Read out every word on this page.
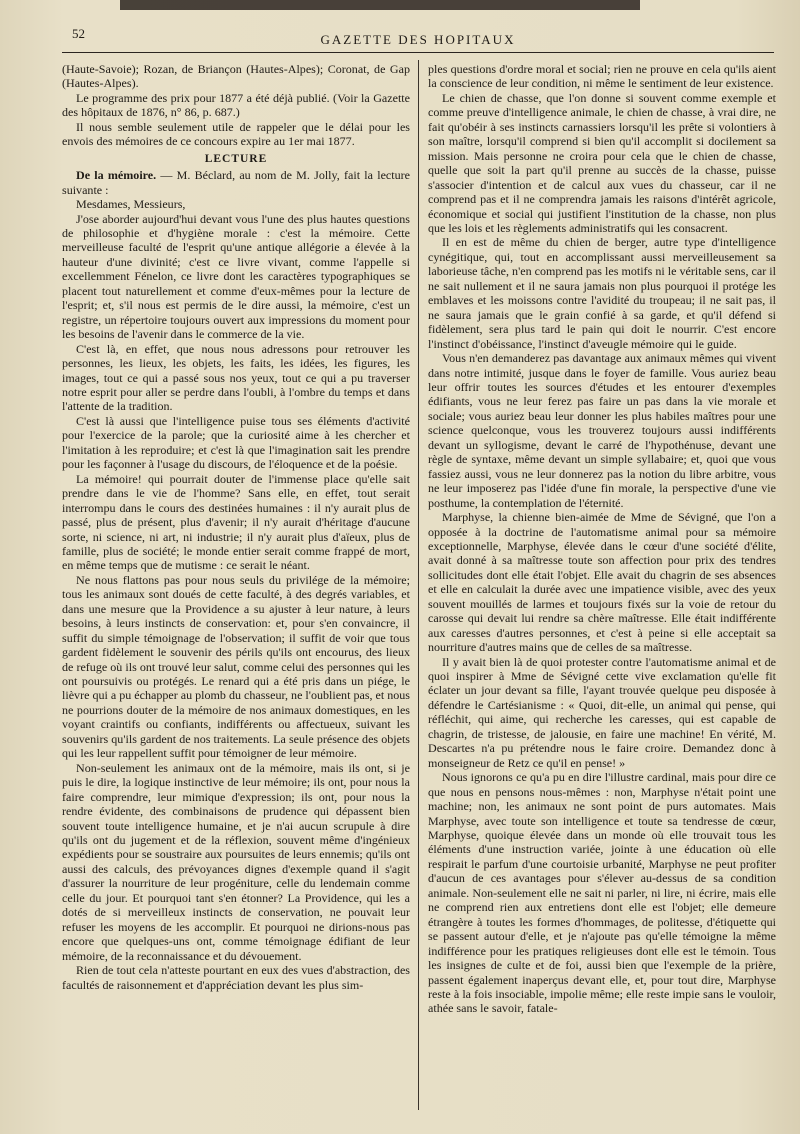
52	GAZETTE DES HOPITAUX

(Haute-Savoie); Rozan, de Briançon (Hautes-Alpes); Coronat, de Gap (Hautes-Alpes).

Le programme des prix pour 1877 a été déjà publié. (Voir la Gazette des hôpitaux de 1876, n° 86, p. 687.)

Il nous semble seulement utile de rappeler que le délai pour les envois des mémoires de ce concours expire au 1er mai 1877.

LECTURE

De la mémoire. — M. Béclard, au nom de M. Jolly, fait la lecture suivante :

Mesdames, Messieurs,

J'ose aborder aujourd'hui devant vous l'une des plus hautes questions de philosophie et d'hygiène morale : c'est la mémoire. Cette merveilleuse faculté de l'esprit qu'une antique allégorie a élevée à la hauteur d'une divinité; c'est ce livre vivant, comme l'appelle si excellemment Fénelon, ce livre dont les caractères typographiques se placent tout naturellement et comme d'eux-mêmes pour la lecture de l'esprit; et, s'il nous est permis de le dire aussi, la mémoire, c'est un registre, un répertoire toujours ouvert aux impressions du moment pour les besoins de l'avenir dans le commerce de la vie.

C'est là, en effet, que nous nous adressons pour retrouver les personnes, les lieux, les objets, les faits, les idées, les figures, les images, tout ce qui a passé sous nos yeux, tout ce qui a pu traverser notre esprit pour aller se perdre dans l'oubli, à l'ombre du temps et dans l'attente de la tradition.

C'est là aussi que l'intelligence puise tous ses éléments d'activité pour l'exercice de la parole; que la curiosité aime à les chercher et l'imitation à les reproduire; et c'est là que l'imagination sait les prendre pour les façonner à l'usage du discours, de l'éloquence et de la poésie.

La mémoire! qui pourrait douter de l'immense place qu'elle sait prendre dans le vie de l'homme? Sans elle, en effet, tout serait interrompu dans le cours des destinées humaines : il n'y aurait plus de passé, plus de présent, plus d'avenir; il n'y aurait d'héritage d'aucune sorte, ni science, ni art, ni industrie; il n'y aurait plus d'aïeux, plus de famille, plus de société; le monde entier serait comme frappé de mort, en même temps que de mutisme : ce serait le néant.

Ne nous flattons pas pour nous seuls du privilége de la mémoire; tous les animaux sont doués de cette faculté, à des degrés variables, et dans une mesure que la Providence a su ajuster à leur nature, à leurs besoins, à leurs instincts de conservation: et, pour s'en convaincre, il suffit du simple témoignage de l'observation; il suffit de voir que tous gardent fidèlement le souvenir des périls qu'ils ont encourus, des lieux de refuge où ils ont trouvé leur salut, comme celui des personnes qui les ont poursuivis ou protégés. Le renard qui a été pris dans un piége, le lièvre qui a pu échapper au plomb du chasseur, ne l'oublient pas, et nous ne pourrions douter de la mémoire de nos animaux domestiques, en les voyant craintifs ou confiants, indifférents ou affectueux, suivant les souvenirs qu'ils gardent de nos traitements. La seule présence des objets qui les leur rappellent suffit pour témoigner de leur mémoire.

Non-seulement les animaux ont de la mémoire, mais ils ont, si je puis le dire, la logique instinctive de leur mémoire; ils ont, pour nous la faire comprendre, leur mimique d'expression; ils ont, pour nous la rendre évidente, des combinaisons de prudence qui dépassent bien souvent toute intelligence humaine, et je n'ai aucun scrupule à dire qu'ils ont du jugement et de la réflexion, souvent même d'ingénieux expédients pour se soustraire aux poursuites de leurs ennemis; qu'ils ont aussi des calculs, des prévoyances dignes d'exemple quand il s'agit d'assurer la nourriture de leur progéniture, celle du lendemain comme celle du jour. Et pourquoi tant s'en étonner? La Providence, qui les a dotés de si merveilleux instincts de conservation, ne pouvait leur refuser les moyens de les accomplir. Et pourquoi ne dirions-nous pas encore que quelques-uns ont, comme témoignage édifiant de leur mémoire, de la reconnaissance et du dévouement.

Rien de tout cela n'atteste pourtant en eux des vues d'abstraction, des facultés de raisonnement et d'appréciation devant les plus sim-

ples questions d'ordre moral et social; rien ne prouve en cela qu'ils aient la conscience de leur condition, ni même le sentiment de leur existence.

Le chien de chasse, que l'on donne si souvent comme exemple et comme preuve d'intelligence animale, le chien de chasse, à vrai dire, ne fait qu'obéir à ses instincts carnassiers lorsqu'il les prête si volontiers à son maître, lorsqu'il comprend si bien qu'il accomplit si docilement sa mission. Mais personne ne croira pour cela que le chien de chasse, quelle que soit la part qu'il prenne au succès de la chasse, puisse s'associer d'intention et de calcul aux vues du chasseur, car il ne comprend pas et il ne comprendra jamais les raisons d'intérêt agricole, économique et social qui justifient l'institution de la chasse, non plus que les lois et les règlements administratifs qui les consacrent.

Il en est de même du chien de berger, autre type d'intelligence cynégitique, qui, tout en accomplissant aussi merveilleusement sa laborieuse tâche, n'en comprend pas les motifs ni le véritable sens, car il ne sait nullement et il ne saura jamais non plus pourquoi il protége les emblaves et les moissons contre l'avidité du troupeau; il ne sait pas, il ne saura jamais que le grain confié à sa garde, et qu'il défend si fidèlement, sera plus tard le pain qui doit le nourrir. C'est encore l'instinct d'obéissance, l'instinct d'aveugle mémoire qui le guide.

Vous n'en demanderez pas davantage aux animaux mêmes qui vivent dans notre intimité, jusque dans le foyer de famille. Vous auriez beau leur offrir toutes les sources d'études et les entourer d'exemples édifiants, vous ne leur ferez pas faire un pas dans la vie morale et sociale; vous auriez beau leur donner les plus habiles maîtres pour une science quelconque, vous les trouverez toujours aussi indifférents devant un syllogisme, devant le carré de l'hypothénuse, devant une règle de syntaxe, même devant un simple syllabaire; et, quoi que vous fassiez aussi, vous ne leur donnerez pas la notion du libre arbitre, vous ne leur imposerez pas l'idée d'une fin morale, la perspective d'une vie posthume, la contemplation de l'éternité.

Marphyse, la chienne bien-aimée de Mme de Sévigné, que l'on a opposée à la doctrine de l'automatisme animal pour sa mémoire exceptionnelle, Marphyse, élevée dans le cœur d'une société d'élite, avait donné à sa maîtresse toute son affection pour prix des tendres sollicitudes dont elle était l'objet. Elle avait du chagrin de ses absences et elle en calculait la durée avec une impatience visible, avec des yeux souvent mouillés de larmes et toujours fixés sur la voie de retour du carosse qui devait lui rendre sa chère maîtresse. Elle était indifférente aux caresses d'autres personnes, et c'est à peine si elle acceptait sa nourriture d'autres mains que de celles de sa maîtresse.

Il y avait bien là de quoi protester contre l'automatisme animal et de quoi inspirer à Mme de Sévigné cette vive exclamation qu'elle fit éclater un jour devant sa fille, l'ayant trouvée quelque peu disposée à défendre le Cartésianisme : « Quoi, dit-elle, un animal qui pense, qui réfléchit, qui aime, qui recherche les caresses, qui est capable de chagrin, de tristesse, de jalousie, en faire une machine! En vérité, M. Descartes n'a pu prétendre nous le faire croire. Demandez donc à monseigneur de Retz ce qu'il en pense! »

Nous ignorons ce qu'a pu en dire l'illustre cardinal, mais pour dire ce que nous en pensons nous-mêmes : non, Marphyse n'était point une machine; non, les animaux ne sont point de purs automates. Mais Marphyse, avec toute son intelligence et toute sa tendresse de cœur, Marphyse, quoique élevée dans un monde où elle trouvait tous les éléments d'une instruction variée, jointe à une éducation où elle respirait le parfum d'une courtoisie urbanité, Marphyse ne peut profiter d'aucun de ces avantages pour s'élever au-dessus de sa condition animale. Non-seulement elle ne sait ni parler, ni lire, ni écrire, mais elle ne comprend rien aux entretiens dont elle est l'objet; elle demeure étrangère à toutes les formes d'hommages, de politesse, d'étiquette qui se passent autour d'elle, et je n'ajoute pas qu'elle témoigne la même indifférence pour les pratiques religieuses dont elle est le témoin. Tous les insignes de culte et de foi, aussi bien que l'exemple de la prière, passent également inaperçus devant elle, et, pour tout dire, Marphyse reste à la fois insociable, impolie même; elle reste impie sans le vouloir, athée sans le savoir, fatale-
